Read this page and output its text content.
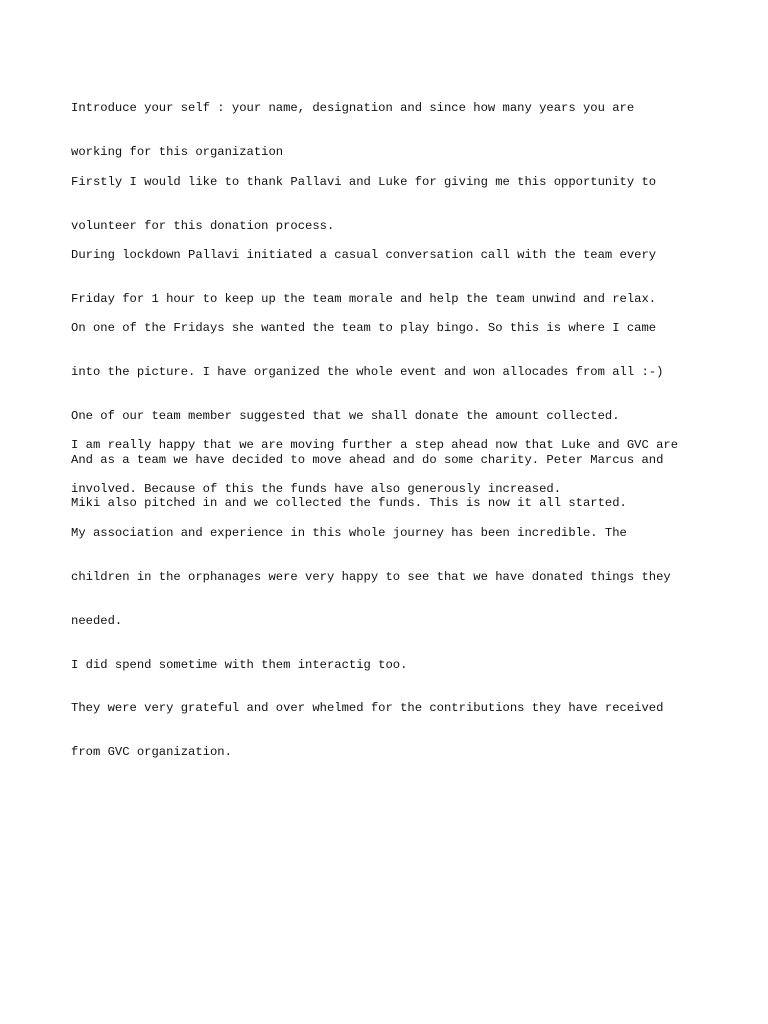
Introduce your self : your name, designation and since how many years you are

working for this organization

Firstly I would like to thank Pallavi and Luke for giving me this opportunity to

volunteer for this donation process.

During lockdown Pallavi initiated a casual conversation call with the team every

Friday for 1 hour to keep up the team morale and help the team unwind and relax.

On one of the Fridays she wanted the team to play bingo. So this is where I came

into the picture. I have organized the whole event and won allocades from all :-)

One of our team member suggested that we shall donate the amount collected.

And as a team we have decided to move ahead and do some charity. Peter Marcus and

Miki also pitched in and we collected the funds. This is now it all started.

I am really happy that we are moving further a step ahead now that Luke and GVC are

involved. Because of this the funds have also generously increased.

My association and experience in this whole journey has been incredible. The

children in the orphanages were very happy to see that we have donated things they

needed.

I did spend sometime with them interactig too.

They were very grateful and over whelmed for the contributions they have received

from GVC organization.
